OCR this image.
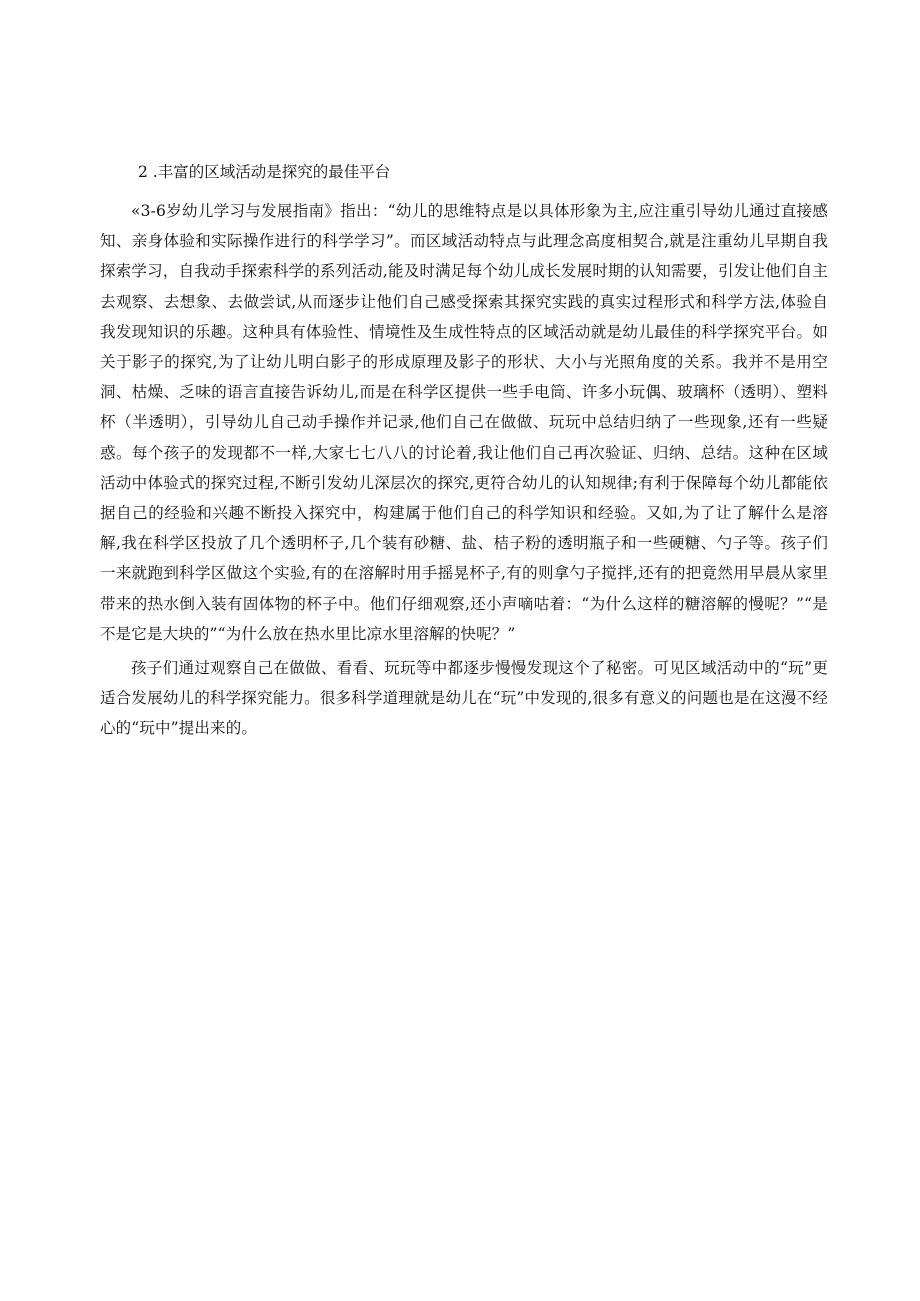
2 .丰富的区域活动是探究的最佳平台

«3-6岁幼儿学习与发展指南》指出：“幼儿的思维特点是以具体形象为主,应注重引导幼儿通过直接感知、亲身体验和实际操作进行的科学学习”。而区域活动特点与此理念高度相契合,就是注重幼儿早期自我探索学习，自我动手探索科学的系列活动,能及时满足每个幼儿成长发展时期的认知需要，引发让他们自主去观察、去想象、去做尝试,从而逐步让他们自己感受探索其探究实践的真实过程形式和科学方法,体验自我发现知识的乐趣。这种具有体验性、情境性及生成性特点的区域活动就是幼儿最佳的科学探究平台。如关于影子的探究,为了让幼儿明白影子的形成原理及影子的形状、大小与光照角度的关系。我并不是用空洞、枯燥、乏味的语言直接告诉幼儿,而是在科学区提供一些手电筒、许多小玩偶、玻璃杯（透明）、塑料杯（半透明），引导幼儿自己动手操作并记录,他们自己在做做、玩玩中总结归纳了一些现象,还有一些疑惑。每个孩子的发现都不一样,大家七七八八的讨论着,我让他们自己再次验证、归纳、总结。这种在区域活动中体验式的探究过程,不断引发幼儿深层次的探究,更符合幼儿的认知规律;有利于保障每个幼儿都能依据自己的经验和兴趣不断投入探究中，构建属于他们自己的科学知识和经验。又如,为了让了解什么是溶解,我在科学区投放了几个透明杯子,几个装有砂糖、盐、桔子粉的透明瓶子和一些硬糖、勺子等。孩子们一来就跑到科学区做这个实验,有的在溶解时用手摇晃杯子,有的则拿勺子搅拌,还有的把竟然用早晨从家里带来的热水倒入装有固体物的杯子中。他们仔细观察,还小声嘀咕着：“为什么这样的糖溶解的慢呢？”“是不是它是大块的”“为什么放在热水里比凉水里溶解的快呢？”

孩子们通过观察自己在做做、看看、玩玩等中都逐步慢慢发现这个了秘密。可见区域活动中的“玩”更适合发展幼儿的科学探究能力。很多科学道理就是幼儿在“玩”中发现的,很多有意义的问题也是在这漫不经心的“玩中”提出来的。
